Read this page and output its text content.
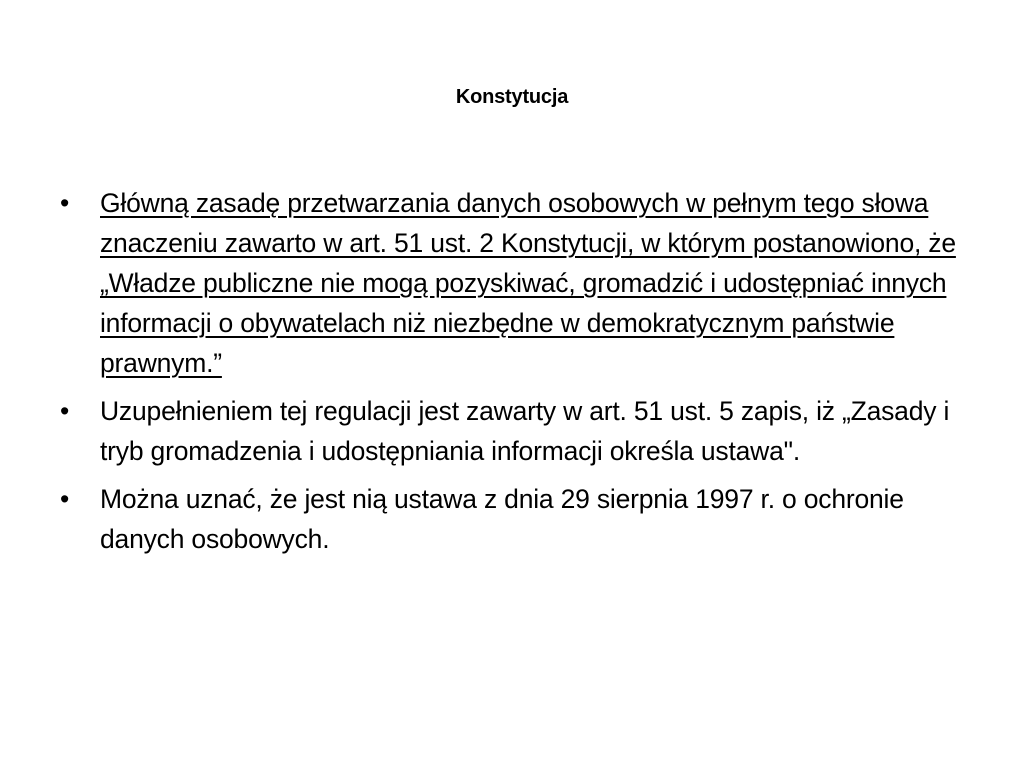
Konstytucja
•	Główną zasadę przetwarzania danych osobowych w pełnym tego słowa znaczeniu zawarto w art. 51 ust. 2 Konstytucji, w którym postanowiono, że „Władze publiczne nie mogą pozyskiwać, gromadzić i udostępniać innych informacji o obywatelach niż niezbędne w demokratycznym państwie prawnym.”
•	Uzupełnieniem tej regulacji jest zawarty w art. 51 ust. 5 zapis, iż „Zasady i tryb gromadzenia i udostępniania informacji określa ustawa".
•	Można uznać, że jest nią ustawa z dnia 29 sierpnia 1997 r. o ochronie danych osobowych.
